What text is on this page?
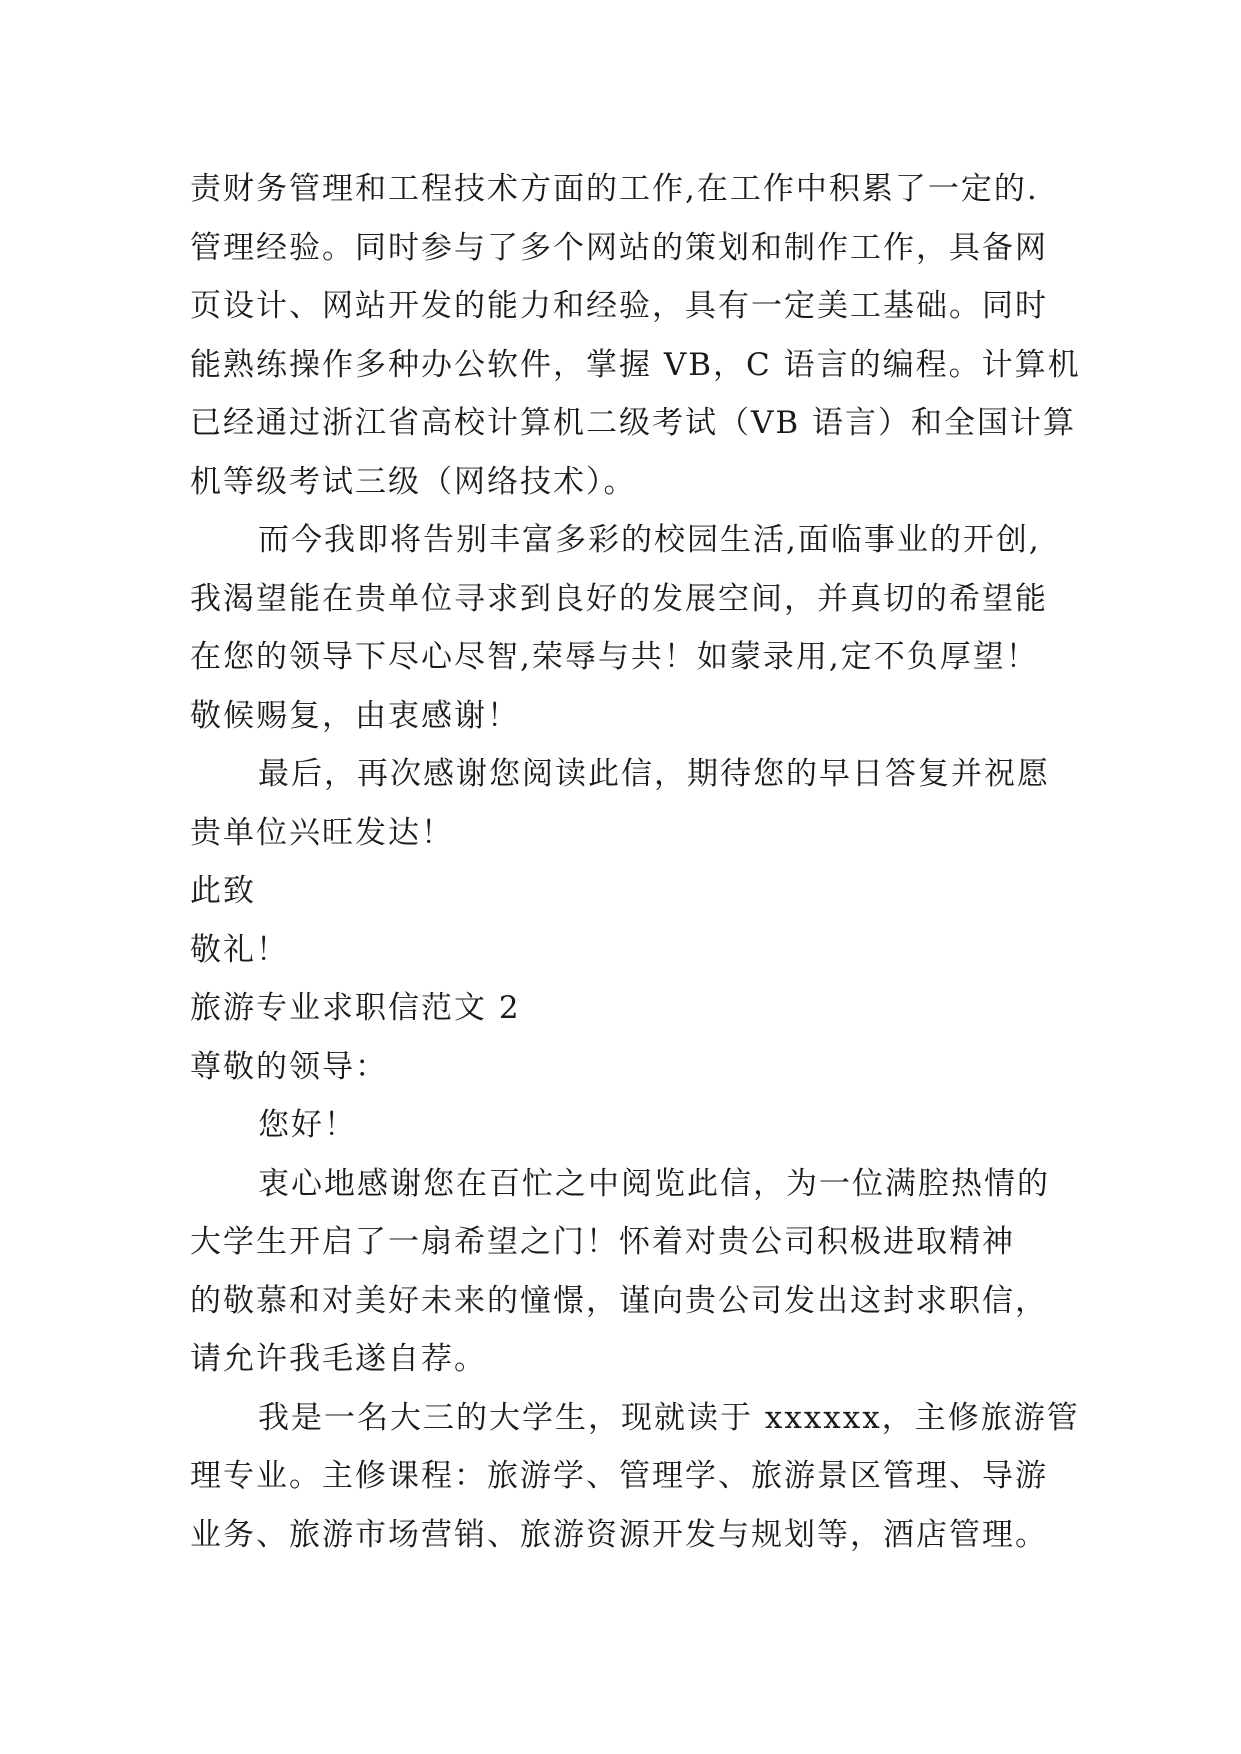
责财务管理和工程技术方面的工作,在工作中积累了一定的.
管理经验。同时参与了多个网站的策划和制作工作，具备网
页设计、网站开发的能力和经验，具有一定美工基础。同时
能熟练操作多种办公软件，掌握 VB，C 语言的编程。计算机
已经通过浙江省高校计算机二级考试（VB 语言）和全国计算
机等级考试三级（网络技术）。
而今我即将告别丰富多彩的校园生活,面临事业的开创,
我渴望能在贵单位寻求到良好的发展空间，并真切的希望能
在您的领导下尽心尽智,荣辱与共！如蒙录用,定不负厚望！
敬候赐复，由衷感谢！
最后，再次感谢您阅读此信，期待您的早日答复并祝愿
贵单位兴旺发达！
此致
敬礼！
旅游专业求职信范文 2
尊敬的领导：
您好！
衷心地感谢您在百忙之中阅览此信，为一位满腔热情的
大学生开启了一扇希望之门！怀着对贵公司积极进取精神
的敬慕和对美好未来的憧憬，谨向贵公司发出这封求职信，
请允许我毛遂自荐。
我是一名大三的大学生，现就读于 xxxxxx，主修旅游管
理专业。主修课程：旅游学、管理学、旅游景区管理、导游
业务、旅游市场营销、旅游资源开发与规划等，酒店管理。
